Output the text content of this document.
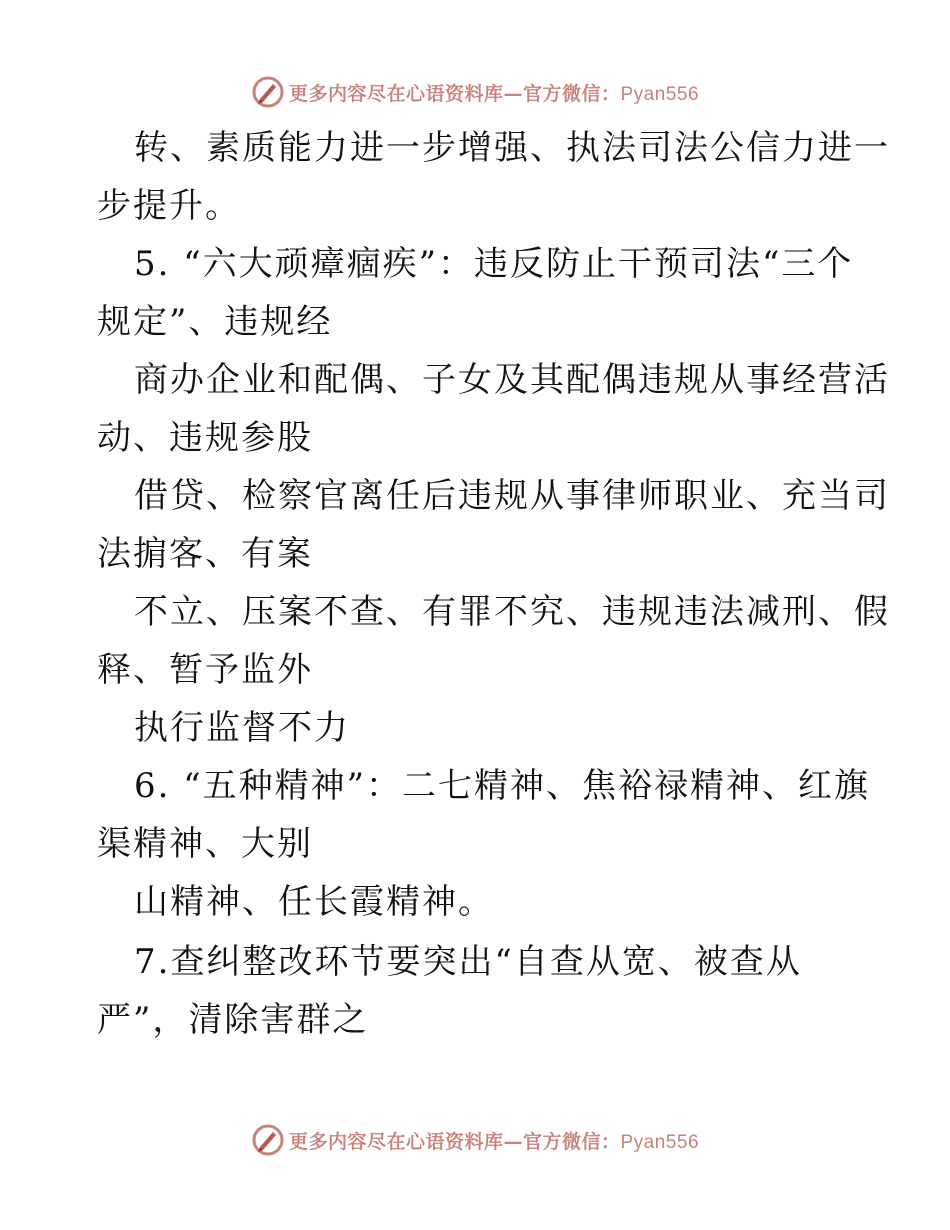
更多内容尽在心语资料库—官方微信：Pyan556
转、素质能力进一步增强、执法司法公信力进一
步提升。
5. “六大顽瘴痼疾”：违反防止干预司法“三个
规定”、违规经
商办企业和配偶、子女及其配偶违规从事经营活
动、违规参股
借贷、检察官离任后违规从事律师职业、充当司
法掮客、有案
不立、压案不查、有罪不究、违规违法减刑、假
释、暂予监外
执行监督不力
6. “五种精神”：二七精神、焦裕禄精神、红旗
渠精神、大别
山精神、任长霞精神。
7.查纠整改环节要突出“自查从宽、被查从
严”，清除害群之
更多内容尽在心语资料库—官方微信：Pyan556
